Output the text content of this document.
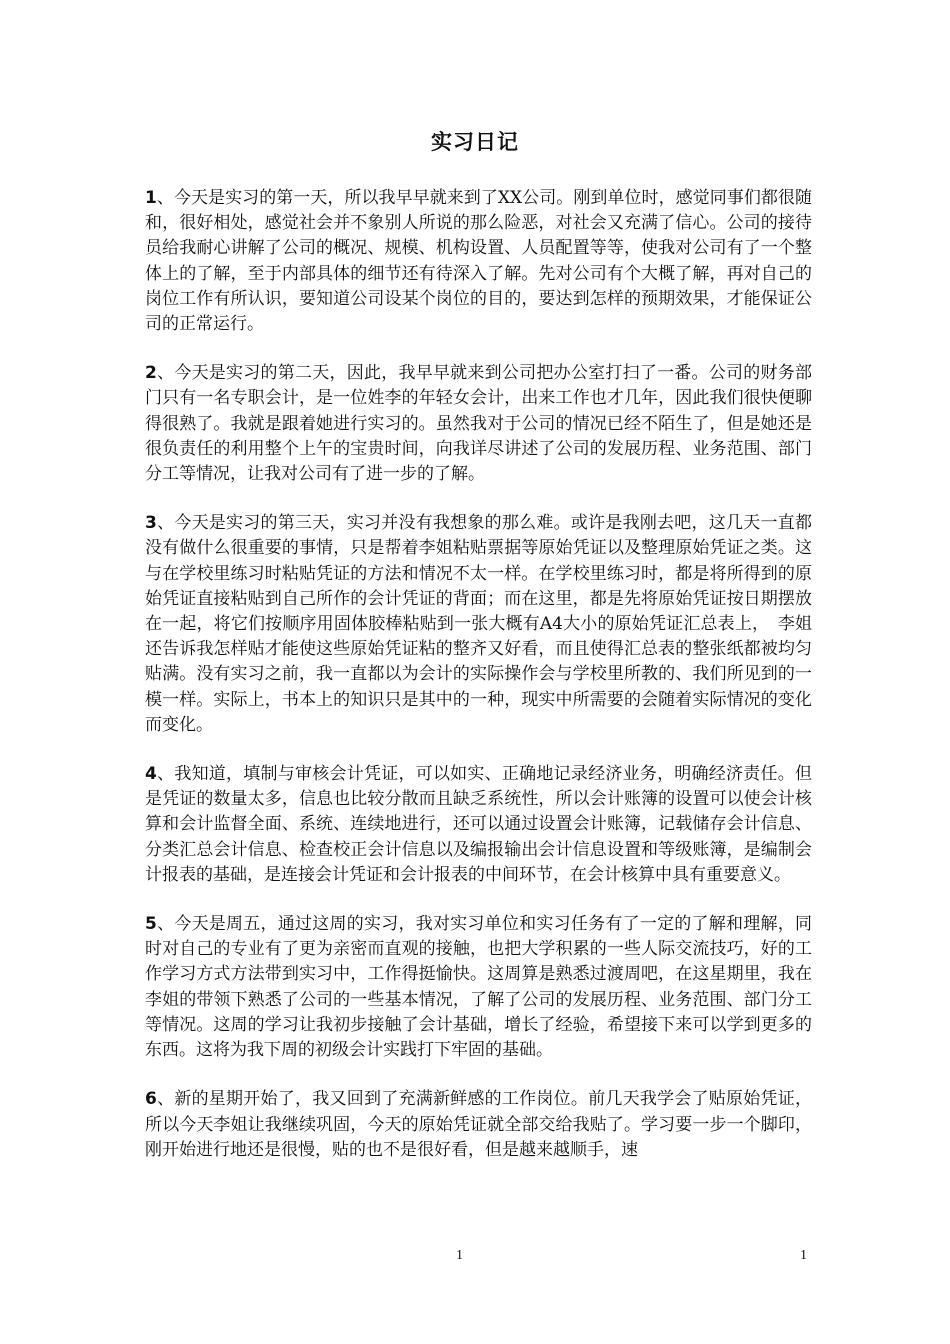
实习日记

1、今天是实习的第一天，所以我早早就来到了XX公司。刚到单位时，感觉同事们都很随和，很好相处，感觉社会并不象别人所说的那么险恶，对社会又充满了信心。公司的接待员给我耐心讲解了公司的概况、规模、机构设置、人员配置等等，使我对公司有了一个整体上的了解，至于内部具体的细节还有待深入了解。先对公司有个大概了解，再对自己的岗位工作有所认识，要知道公司设某个岗位的目的，要达到怎样的预期效果，才能保证公司的正常运行。

2、今天是实习的第二天，因此，我早早就来到公司把办公室打扫了一番。公司的财务部门只有一名专职会计，是一位姓李的年轻女会计，出来工作也才几年，因此我们很快便聊得很熟了。我就是跟着她进行实习的。虽然我对于公司的情况已经不陌生了，但是她还是很负责任的利用整个上午的宝贵时间，向我详尽讲述了公司的发展历程、业务范围、部门分工等情况，让我对公司有了进一步的了解。

3、今天是实习的第三天，实习并没有我想象的那么难。或许是我刚去吧，这几天一直都没有做什么很重要的事情，只是帮着李姐粘贴票据等原始凭证以及整理原始凭证之类。这与在学校里练习时粘贴凭证的方法和情况不太一样。在学校里练习时，都是将所得到的原始凭证直接粘贴到自己所作的会计凭证的背面；而在这里，都是先将原始凭证按日期摆放在一起，将它们按顺序用固体胶棒粘贴到一张大概有A4大小的原始凭证汇总表上，　李姐还告诉我怎样贴才能使这些原始凭证粘的整齐又好看，而且使得汇总表的整张纸都被均匀贴满。没有实习之前，我一直都以为会计的实际操作会与学校里所教的、我们所见到的一模一样。实际上，书本上的知识只是其中的一种，现实中所需要的会随着实际情况的变化而变化。

4、我知道，填制与审核会计凭证，可以如实、正确地记录经济业务，明确经济责任。但是凭证的数量太多，信息也比较分散而且缺乏系统性，所以会计账簿的设置可以使会计核算和会计监督全面、系统、连续地进行，还可以通过设置会计账簿，记载储存会计信息、分类汇总会计信息、检查校正会计信息以及编报输出会计信息设置和等级账簿，是编制会计报表的基础，是连接会计凭证和会计报表的中间环节，在会计核算中具有重要意义。

5、今天是周五，通过这周的实习，我对实习单位和实习任务有了一定的了解和理解，同时对自己的专业有了更为亲密而直观的接触，也把大学积累的一些人际交流技巧，好的工作学习方式方法带到实习中，工作得挺愉快。这周算是熟悉过渡周吧，在这星期里，我在李姐的带领下熟悉了公司的一些基本情况，了解了公司的发展历程、业务范围、部门分工等情况。这周的学习让我初步接触了会计基础，增长了经验，希望接下来可以学到更多的东西。这将为我下周的初级会计实践打下牢固的基础。

6、新的星期开始了，我又回到了充满新鲜感的工作岗位。前几天我学会了贴原始凭证，所以今天李姐让我继续巩固，今天的原始凭证就全部交给我贴了。学习要一步一个脚印，刚开始进行地还是很慢，贴的也不是很好看，但是越来越顺手，速

1	1
